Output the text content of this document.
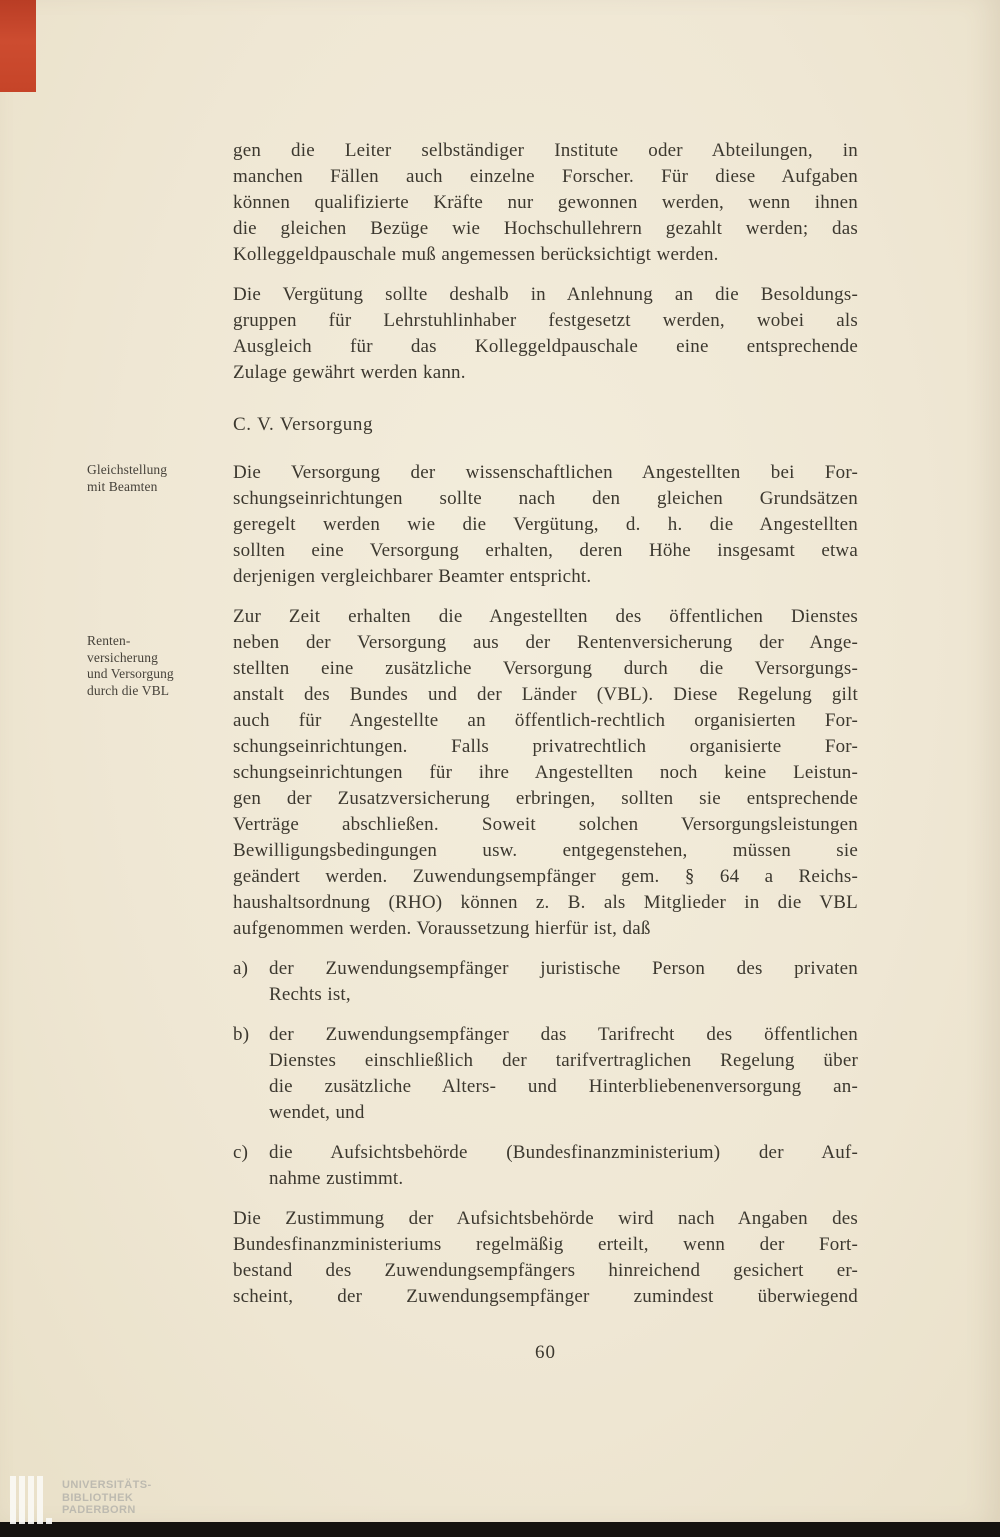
gen die Leiter selbständiger Institute oder Abteilungen, in
manchen Fällen auch einzelne Forscher. Für diese Aufgaben
können qualifizierte Kräfte nur gewonnen werden, wenn ihnen
die gleichen Bezüge wie Hochschullehrern gezahlt werden; das
Kolleggeldpauschale muß angemessen berücksichtigt werden.
Die Vergütung sollte deshalb in Anlehnung an die Besoldungs-
gruppen für Lehrstuhlinhaber festgesetzt werden, wobei als
Ausgleich für das Kolleggeldpauschale eine entsprechende
Zulage gewährt werden kann.
C. V. Versorgung
Gleichstellung
mit Beamten
Die Versorgung der wissenschaftlichen Angestellten bei For-
schungseinrichtungen sollte nach den gleichen Grundsätzen
geregelt werden wie die Vergütung, d. h. die Angestellten
sollten eine Versorgung erhalten, deren Höhe insgesamt etwa
derjenigen vergleichbarer Beamter entspricht.
Renten-
versicherung
und Versorgung
durch die VBL
Zur Zeit erhalten die Angestellten des öffentlichen Dienstes
neben der Versorgung aus der Rentenversicherung der Ange-
stellten eine zusätzliche Versorgung durch die Versorgungs-
anstalt des Bundes und der Länder (VBL). Diese Regelung gilt
auch für Angestellte an öffentlich-rechtlich organisierten For-
schungseinrichtungen. Falls privatrechtlich organisierte For-
schungseinrichtungen für ihre Angestellten noch keine Leistun-
gen der Zusatzversicherung erbringen, sollten sie entsprechende
Verträge abschließen. Soweit solchen Versorgungsleistungen
Bewilligungsbedingungen usw. entgegenstehen, müssen sie
geändert werden. Zuwendungsempfänger gem. § 64 a Reichs-
haushaltsordnung (RHO) können z. B. als Mitglieder in die VBL
aufgenommen werden. Voraussetzung hierfür ist, daß
a) der Zuwendungsempfänger juristische Person des privaten
Rechts ist,
b) der Zuwendungsempfänger das Tarifrecht des öffentlichen
Dienstes einschließlich der tarifvertraglichen Regelung über
die zusätzliche Alters- und Hinterbliebenenversorgung an-
wendet, und
c) die Aufsichtsbehörde (Bundesfinanzministerium) der Auf-
nahme zustimmt.
Die Zustimmung der Aufsichtsbehörde wird nach Angaben des
Bundesfinanzministeriums regelmäßig erteilt, wenn der Fort-
bestand des Zuwendungsempfängers hinreichend gesichert er-
scheint, der Zuwendungsempfänger zumindest überwiegend
60
UNIVERSITÄTS-
BIBLIOTHEK
PADERBORN
